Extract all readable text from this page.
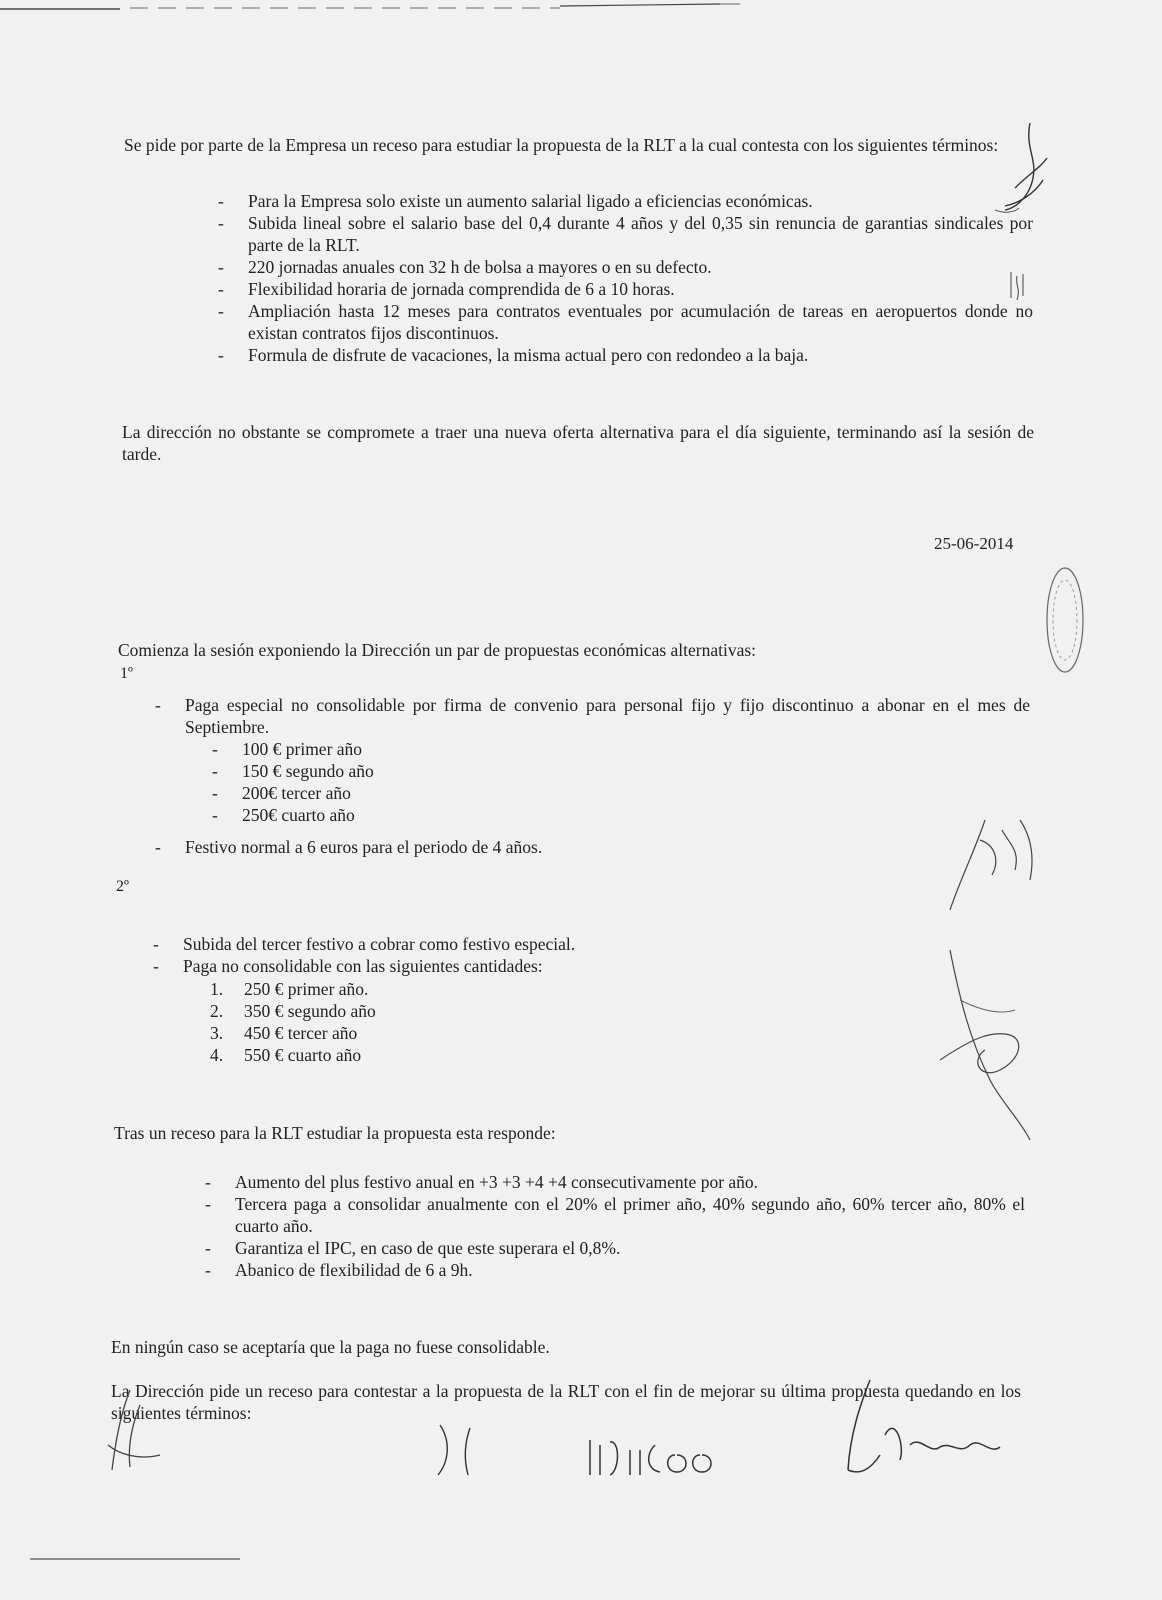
Se pide por parte de la Empresa un receso para estudiar la propuesta de la RLT a la cual contesta con los siguientes términos:

- Para la Empresa solo existe un aumento salarial ligado a eficiencias económicas.
- Subida lineal sobre el salario base del 0,4 durante 4 años y del 0,35 sin renuncia de garantias sindicales por parte de la RLT.
- 220 jornadas anuales con 32 h de bolsa a mayores o en su defecto.
- Flexibilidad horaria de jornada comprendida de 6 a 10 horas.
- Ampliación hasta 12 meses para contratos eventuales por acumulación de tareas en aeropuertos donde no existan contratos fijos discontinuos.
- Formula de disfrute de vacaciones, la misma actual pero con redondeo a la baja.

La dirección no obstante se compromete a traer una nueva oferta alternativa para el día siguiente, terminando así la sesión de tarde.

25-06-2014

Comienza la sesión exponiendo la Dirección un par de propuestas económicas alternativas:

1º
- Paga especial no consolidable por firma de convenio para personal fijo y fijo discontinuo a abonar en el mes de Septiembre.
- 100 € primer año
- 150 € segundo año
- 200€ tercer año
- 250€ cuarto año
- Festivo normal a 6 euros para el periodo de 4 años.
2º
- Subida del tercer festivo a cobrar como festivo especial.
- Paga no consolidable con las siguientes cantidades:
1. 250 € primer año.
2. 350 € segundo año
3. 450 € tercer año
4. 550 € cuarto año

Tras un receso para la RLT estudiar la propuesta esta responde:

- Aumento del plus festivo anual en +3 +3 +4 +4 consecutivamente por año.
- Tercera paga a consolidar anualmente con el 20% el primer año, 40% segundo año, 60% tercer año, 80% el cuarto año.
- Garantiza el IPC, en caso de que este superara el 0,8%.
- Abanico de flexibilidad de 6 a 9h.

En ningún caso se aceptaría que la paga no fuese consolidable.

La Dirección pide un receso para contestar a la propuesta de la RLT con el fin de mejorar su última propuesta quedando en los siguientes términos:
